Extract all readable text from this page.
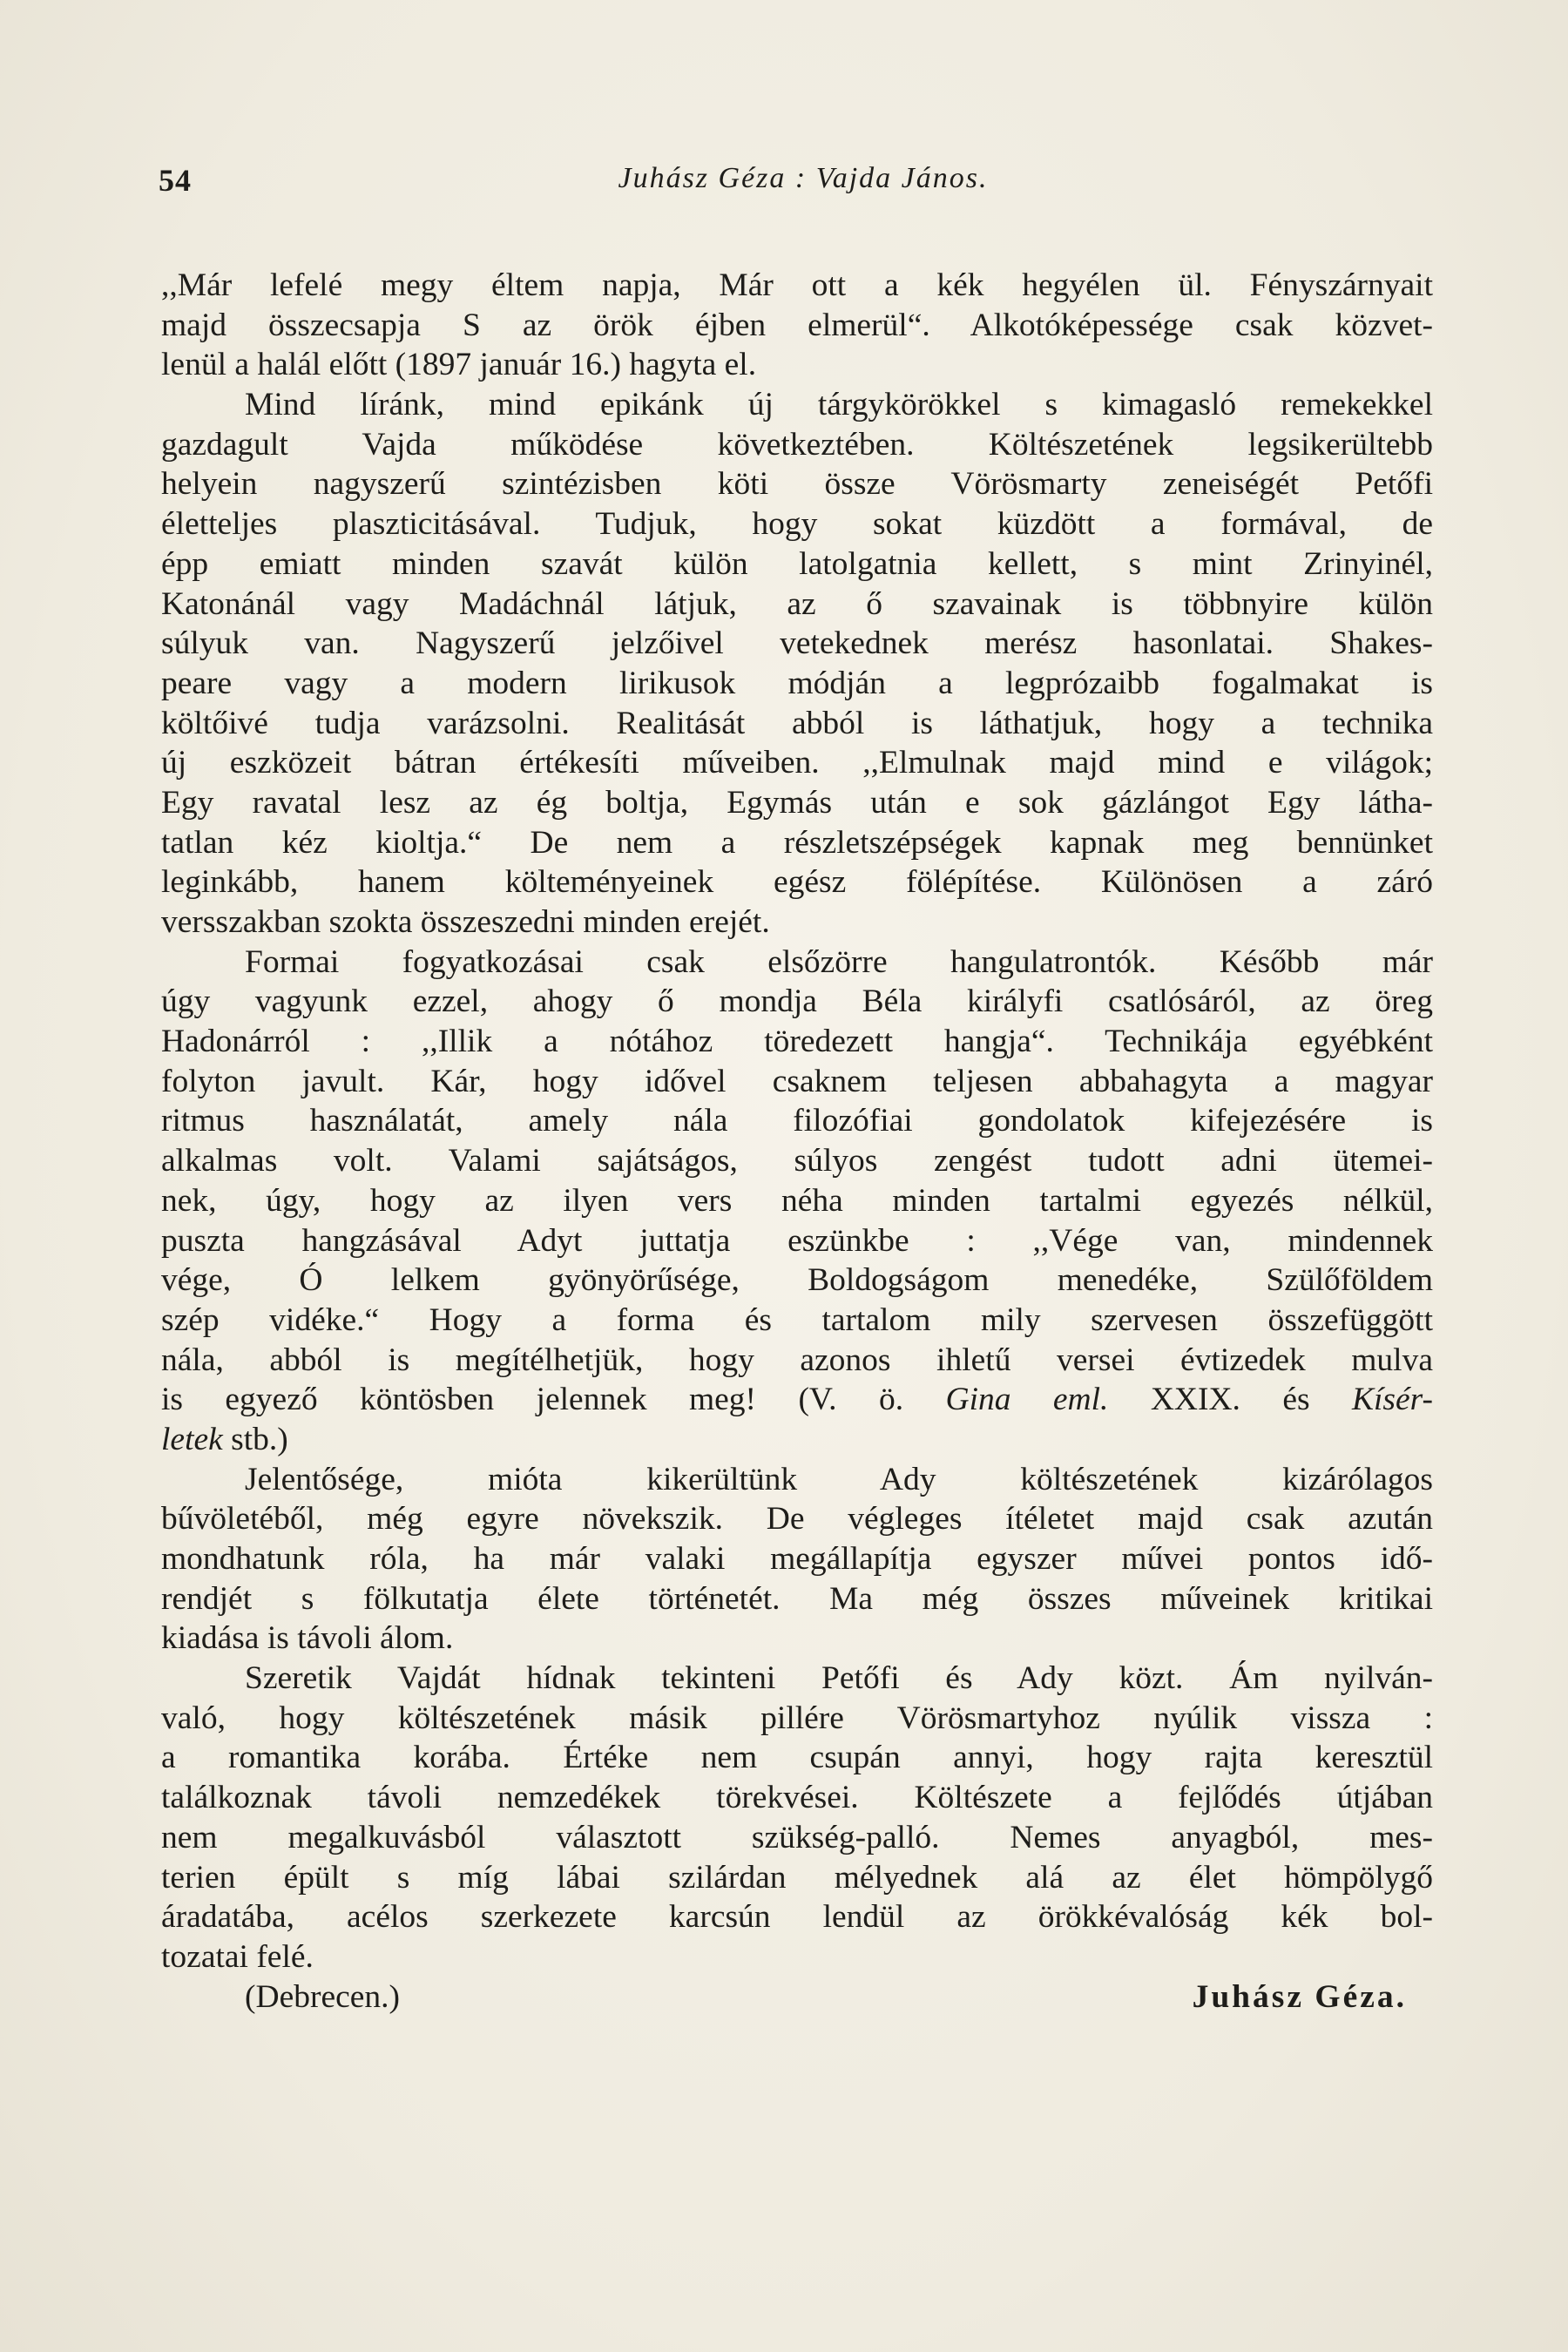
54	Juhász Géza : Vajda János.
,,Már lefelé megy éltem napja, Már ott a kék hegyélen ül. Fényszárnyait
majd összecsapja S az örök éjben elmerül“. Alkotóképessége csak közvet-
lenül a halál előtt (1897 január 16.) hagyta el.
Mind líránk, mind epikánk új tárgykörökkel s kimagasló remekekkel
gazdagult Vajda működése következtében. Költészetének legsikerültebb
helyein nagyszerű szintézisben köti össze Vörösmarty zeneiségét Petőfi
életteljes plaszticitásával. Tudjuk, hogy sokat küzdött a formával, de
épp emiatt minden szavát külön latolgatnia kellett, s mint Zrinyinél,
Katonánál vagy Madáchnál látjuk, az ő szavainak is többnyire külön
súlyuk van. Nagyszerű jelzőivel vetekednek merész hasonlatai. Shakes-
peare vagy a modern lirikusok módján a legprózaibb fogalmakat is
költőivé tudja varázsolni. Realitását abból is láthatjuk, hogy a technika
új eszközeit bátran értékesíti műveiben. ,,Elmulnak majd mind e világok;
Egy ravatal lesz az ég boltja, Egymás után e sok gázlángot Egy látha-
tatlan kéz kioltja.“ De nem a részletszépségek kapnak meg bennünket
leginkább, hanem költeményeinek egész fölépítése. Különösen a záró
versszakban szokta összeszedni minden erejét.
Formai fogyatkozásai csak elsőzörre hangulatrontók. Később már
úgy vagyunk ezzel, ahogy ő mondja Béla királyfi csatlósáról, az öreg
Hadonárról : ,,Illik a nótához töredezett hangja“. Technikája egyébként
folyton javult. Kár, hogy idővel csaknem teljesen abbahagyta a magyar
ritmus használatát, amely nála filozófiai gondolatok kifejezésére is
alkalmas volt. Valami sajátságos, súlyos zengést tudott adni ütemei-
nek, úgy, hogy az ilyen vers néha minden tartalmi egyezés nélkül,
puszta hangzásával Adyt juttatja eszünkbe : ,,Vége van, mindennek
vége, Ó lelkem gyönyörűsége, Boldogságom menedéke, Szülőföldem
szép vidéke.“ Hogy a forma és tartalom mily szervesen összefüggött
nála, abból is megítélhetjük, hogy azonos ihletű versei évtizedek mulva
is egyező köntösben jelennek meg! (V. ö. Gina eml. XXIX. és Kísér-
letek stb.)
Jelentősége, mióta kikerültünk Ady költészetének kizárólagos
bűvöletéből, még egyre növekszik. De végleges ítéletet majd csak azután
mondhatunk róla, ha már valaki megállapítja egyszer művei pontos idő-
rendjét s fölkutatja élete történetét. Ma még összes műveinek kritikai
kiadása is távoli álom.
Szeretik Vajdát hídnak tekinteni Petőfi és Ady közt. Ám nyilván-
való, hogy költészetének másik pillére Vörösmartyhoz nyúlik vissza :
a romantika korába. Értéke nem csupán annyi, hogy rajta keresztül
találkoznak távoli nemzedékek törekvései. Költészete a fejlődés útjában
nem megalkuvásból választott szükség-palló. Nemes anyagból, mes-
terien épült s míg lábai szilárdan mélyednek alá az élet hömpölygő
áradatába, acélos szerkezete karcsún lendül az örökkévalóság kék bol-
tozatai felé.
(Debrecen.)	Juhász Géza.
